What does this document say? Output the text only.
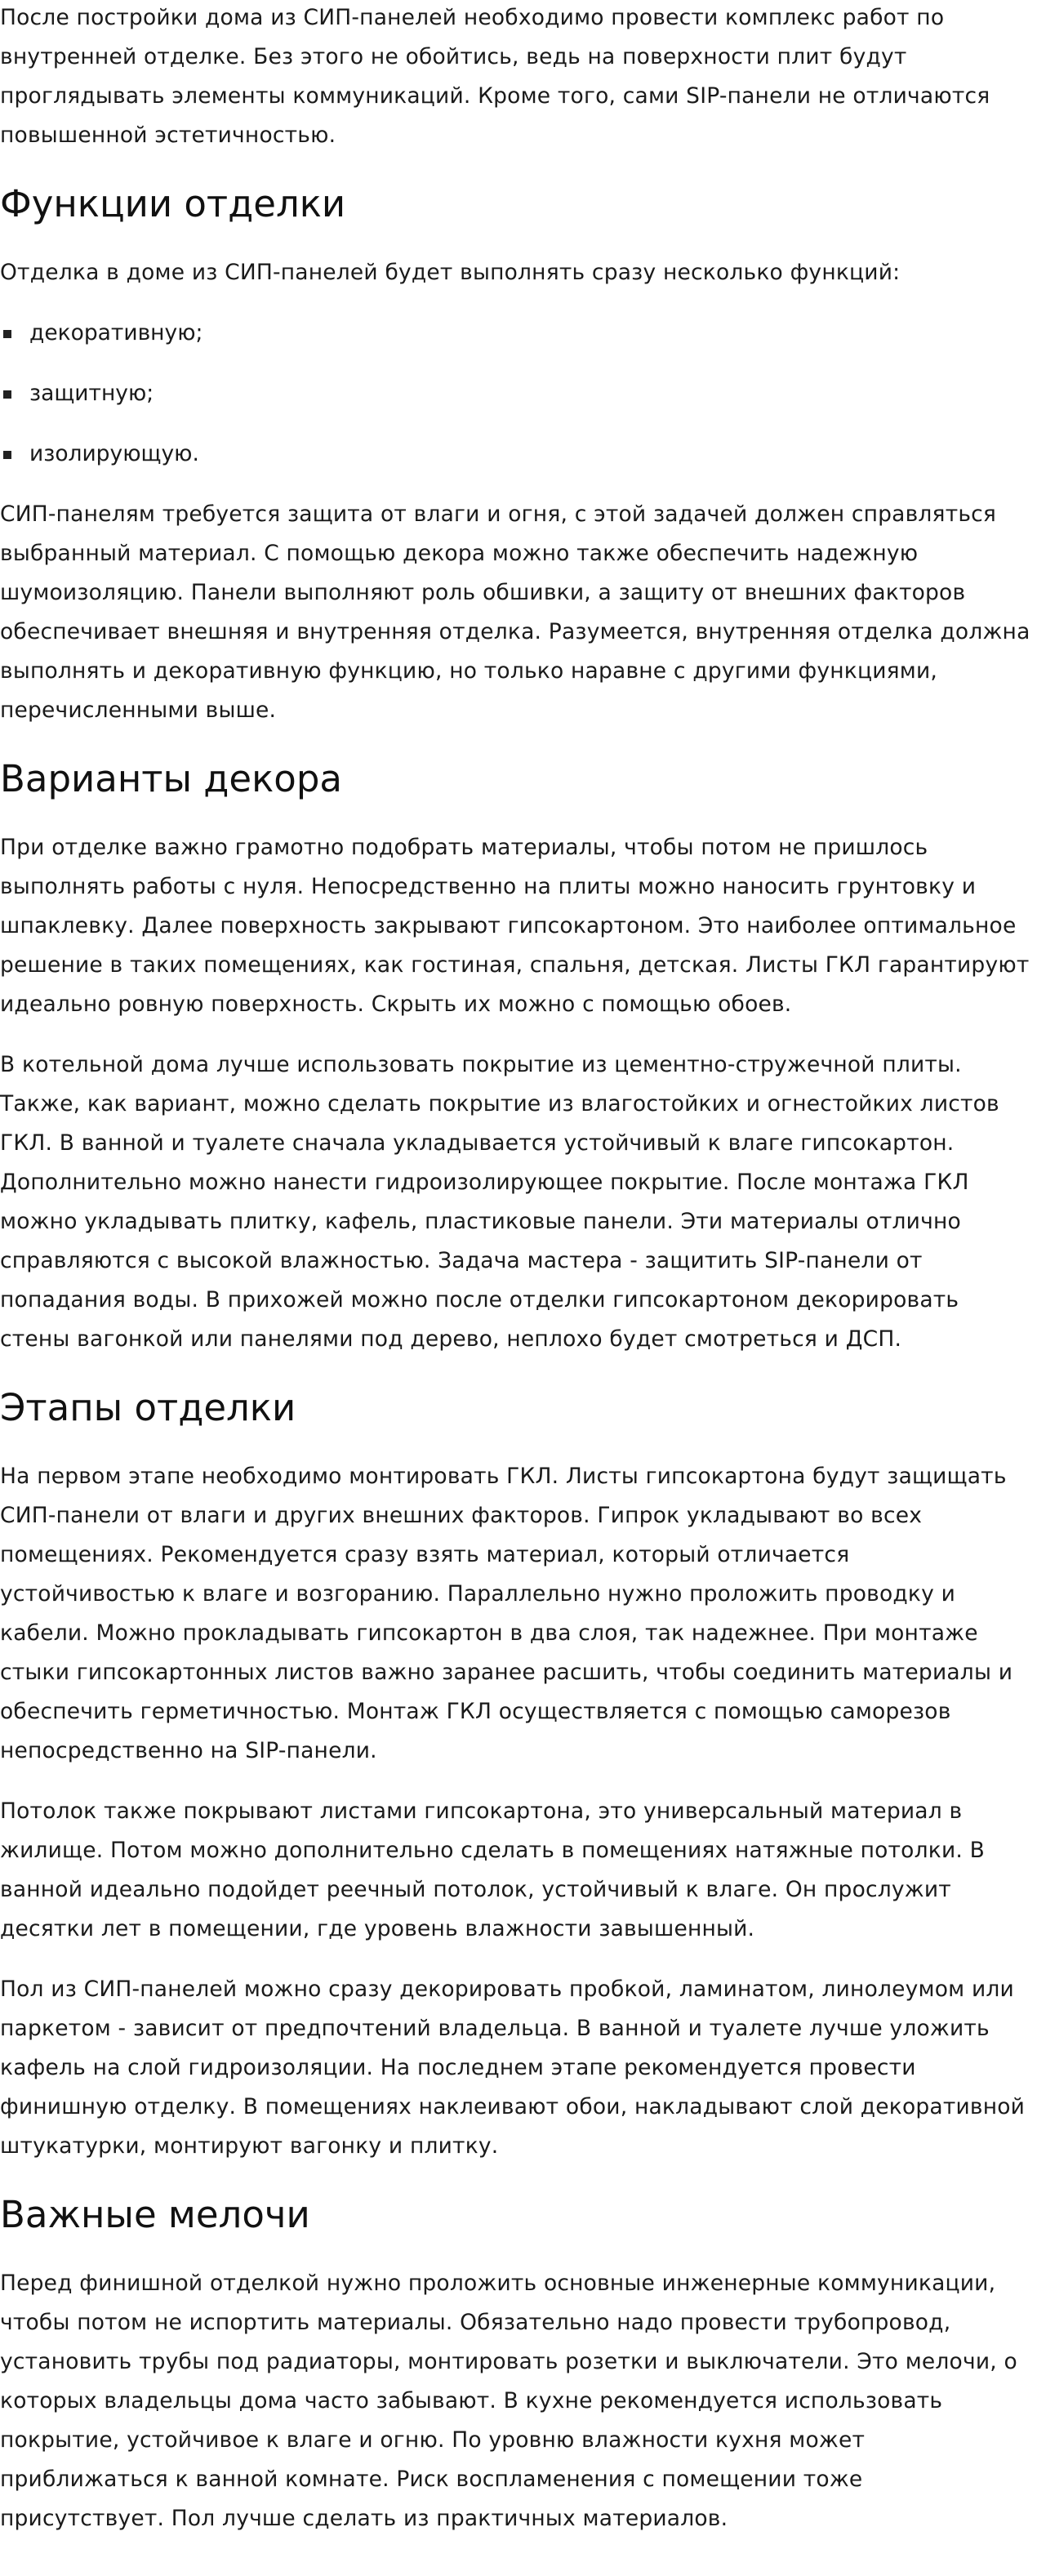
После постройки дома из СИП-панелей необходимо провести комплекс работ по внутренней отделке. Без этого не обойтись, ведь на поверхности плит будут проглядывать элементы коммуникаций. Кроме того, сами SIP-панели не отличаются повышенной эстетичностью.

Функции отделки

Отделка в доме из СИП-панелей будет выполнять сразу несколько функций:

декоративную;
защитную;
изолирующую.

СИП-панелям требуется защита от влаги и огня, с этой задачей должен справляться выбранный материал. С помощью декора можно также обеспечить надежную шумоизоляцию. Панели выполняют роль обшивки, а защиту от внешних факторов обеспечивает внешняя и внутренняя отделка. Разумеется, внутренняя отделка должна выполнять и декоративную функцию, но только наравне с другими функциями, перечисленными выше.

Варианты декора

При отделке важно грамотно подобрать материалы, чтобы потом не пришлось выполнять работы с нуля. Непосредственно на плиты можно наносить грунтовку и шпаклевку. Далее поверхность закрывают гипсокартоном. Это наиболее оптимальное решение в таких помещениях, как гостиная, спальня, детская. Листы ГКЛ гарантируют идеально ровную поверхность. Скрыть их можно с помощью обоев.

В котельной дома лучше использовать покрытие из цементно-стружечной плиты. Также, как вариант, можно сделать покрытие из влагостойких и огнестойких листов ГКЛ. В ванной и туалете сначала укладывается устойчивый к влаге гипсокартон. Дополнительно можно нанести гидроизолирующее покрытие. После монтажа ГКЛ можно укладывать плитку, кафель, пластиковые панели. Эти материалы отлично справляются с высокой влажностью. Задача мастера - защитить SIP-панели от попадания воды. В прихожей можно после отделки гипсокартоном декорировать стены вагонкой или панелями под дерево, неплохо будет смотреться и ДСП.

Этапы отделки

На первом этапе необходимо монтировать ГКЛ. Листы гипсокартона будут защищать СИП-панели от влаги и других внешних факторов. Гипрок укладывают во всех помещениях. Рекомендуется сразу взять материал, который отличается устойчивостью к влаге и возгоранию. Параллельно нужно проложить проводку и кабели. Можно прокладывать гипсокартон в два слоя, так надежнее. При монтаже стыки гипсокартонных листов важно заранее расшить, чтобы соединить материалы и обеспечить герметичностью. Монтаж ГКЛ осуществляется с помощью саморезов непосредственно на SIP-панели.

Потолок также покрывают листами гипсокартона, это универсальный материал в жилище. Потом можно дополнительно сделать в помещениях натяжные потолки. В ванной идеально подойдет реечный потолок, устойчивый к влаге. Он прослужит десятки лет в помещении, где уровень влажности завышенный.

Пол из СИП-панелей можно сразу декорировать пробкой, ламинатом, линолеумом или паркетом - зависит от предпочтений владельца. В ванной и туалете лучше уложить кафель на слой гидроизоляции. На последнем этапе рекомендуется провести финишную отделку. В помещениях наклеивают обои, накладывают слой декоративной штукатурки, монтируют вагонку и плитку.

Важные мелочи

Перед финишной отделкой нужно проложить основные инженерные коммуникации, чтобы потом не испортить материалы. Обязательно надо провести трубопровод, установить трубы под радиаторы, монтировать розетки и выключатели. Это мелочи, о которых владельцы дома часто забывают. В кухне рекомендуется использовать покрытие, устойчивое к влаге и огню. По уровню влажности кухня может приближаться к ванной комнате. Риск воспламенения с помещении тоже присутствует. Пол лучше сделать из практичных материалов.
